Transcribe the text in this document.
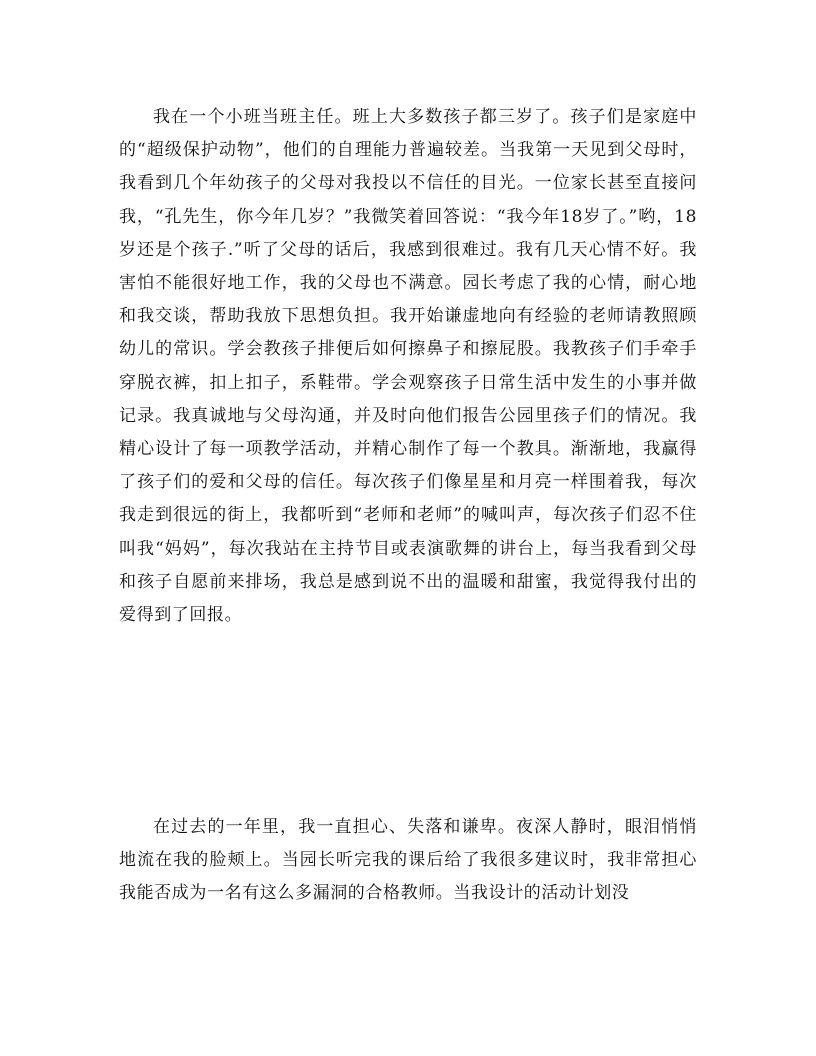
我在一个小班当班主任。班上大多数孩子都三岁了。孩子们是家庭中的“超级保护动物”，他们的自理能力普遍较差。当我第一天见到父母时，我看到几个年幼孩子的父母对我投以不信任的目光。一位家长甚至直接问我，“孔先生，你今年几岁？”我微笑着回答说：“我今年18岁了。”哟，18岁还是个孩子.”听了父母的话后，我感到很难过。我有几天心情不好。我害怕不能很好地工作，我的父母也不满意。园长考虑了我的心情，耐心地和我交谈，帮助我放下思想负担。我开始谦虚地向有经验的老师请教照顾幼儿的常识。学会教孩子排便后如何擦鼻子和擦屁股。我教孩子们手牵手穿脱衣裤，扣上扣子，系鞋带。学会观察孩子日常生活中发生的小事并做记录。我真诚地与父母沟通，并及时向他们报告公园里孩子们的情况。我精心设计了每一项教学活动，并精心制作了每一个教具。渐渐地，我赢得了孩子们的爱和父母的信任。每次孩子们像星星和月亮一样围着我，每次我走到很远的街上，我都听到“老师和老师”的喊叫声，每次孩子们忍不住叫我“妈妈”，每次我站在主持节目或表演歌舞的讲台上，每当我看到父母和孩子自愿前来排场，我总是感到说不出的温暖和甜蜜，我觉得我付出的爱得到了回报。

在过去的一年里，我一直担心、失落和谦卑。夜深人静时，眼泪悄悄地流在我的脸颊上。当园长听完我的课后给了我很多建议时，我非常担心我能否成为一名有这么多漏洞的合格教师。当我设计的活动计划没
